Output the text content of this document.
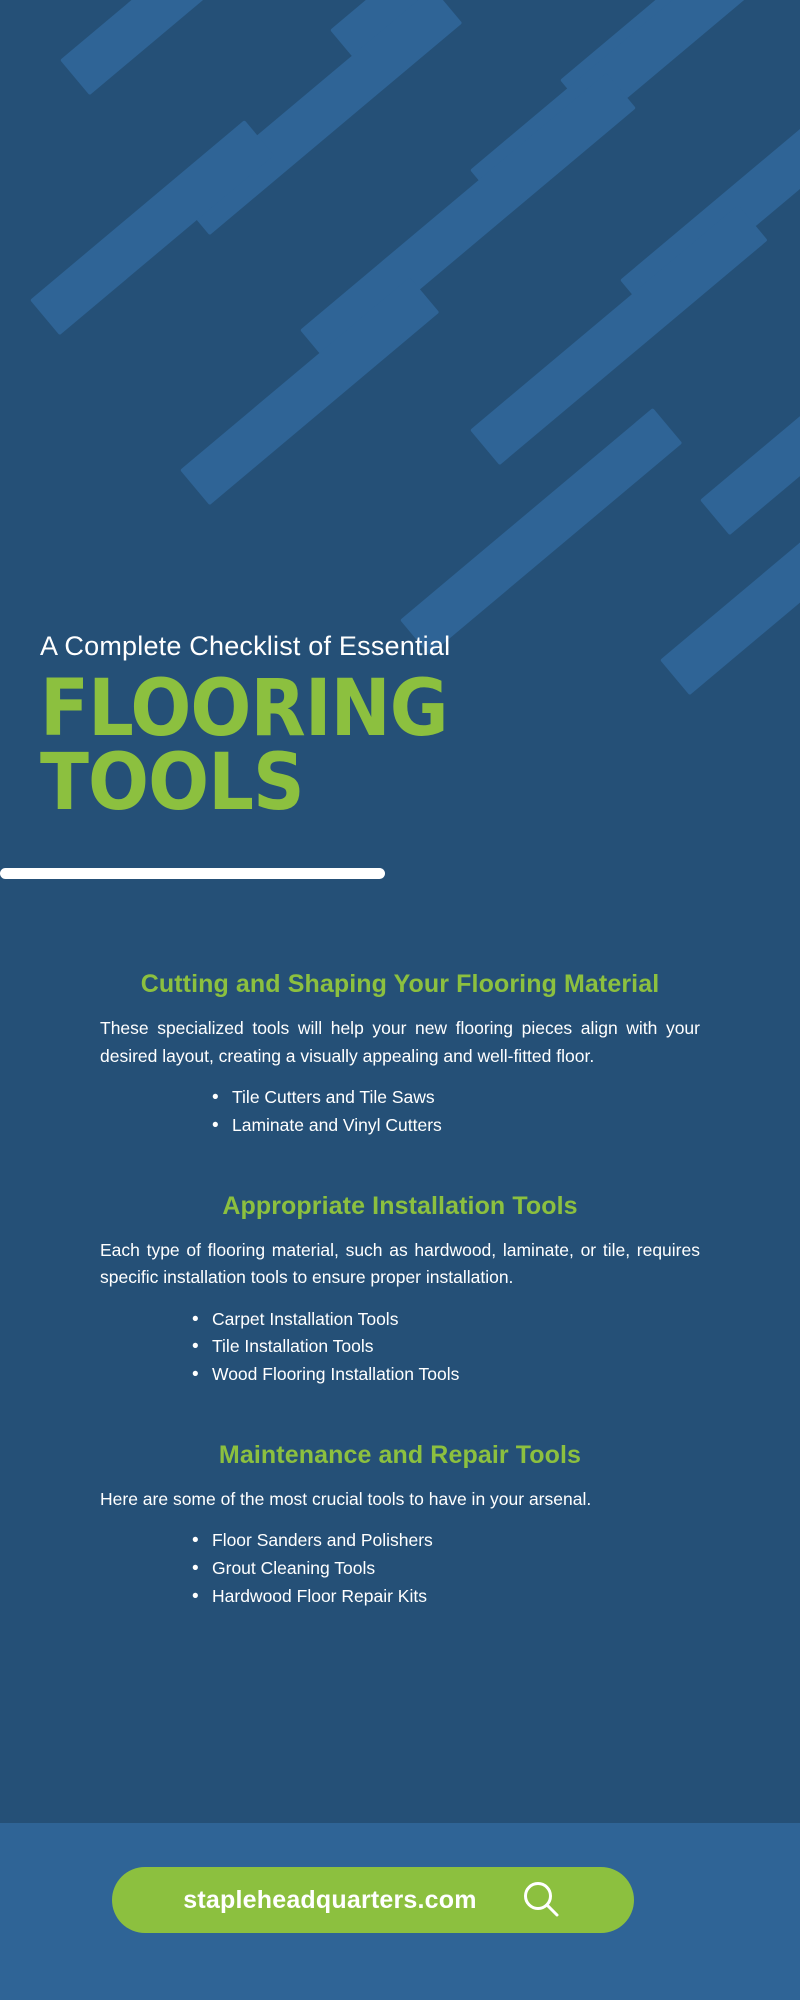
A Complete Checklist of Essential
FLOORING TOOLS
Cutting and Shaping Your Flooring Material

These specialized tools will help your new flooring pieces align with your desired layout, creating a visually appealing and well-fitted floor.

• Tile Cutters and Tile Saws
• Laminate and Vinyl Cutters
Appropriate Installation Tools

Each type of flooring material, such as hardwood, laminate, or tile, requires specific installation tools to ensure proper installation.

• Carpet Installation Tools
• Tile Installation Tools
• Wood Flooring Installation Tools
Maintenance and Repair Tools

Here are some of the most crucial tools to have in your arsenal.

• Floor Sanders and Polishers
• Grout Cleaning Tools
• Hardwood Floor Repair Kits
stapleheadquarters.com
